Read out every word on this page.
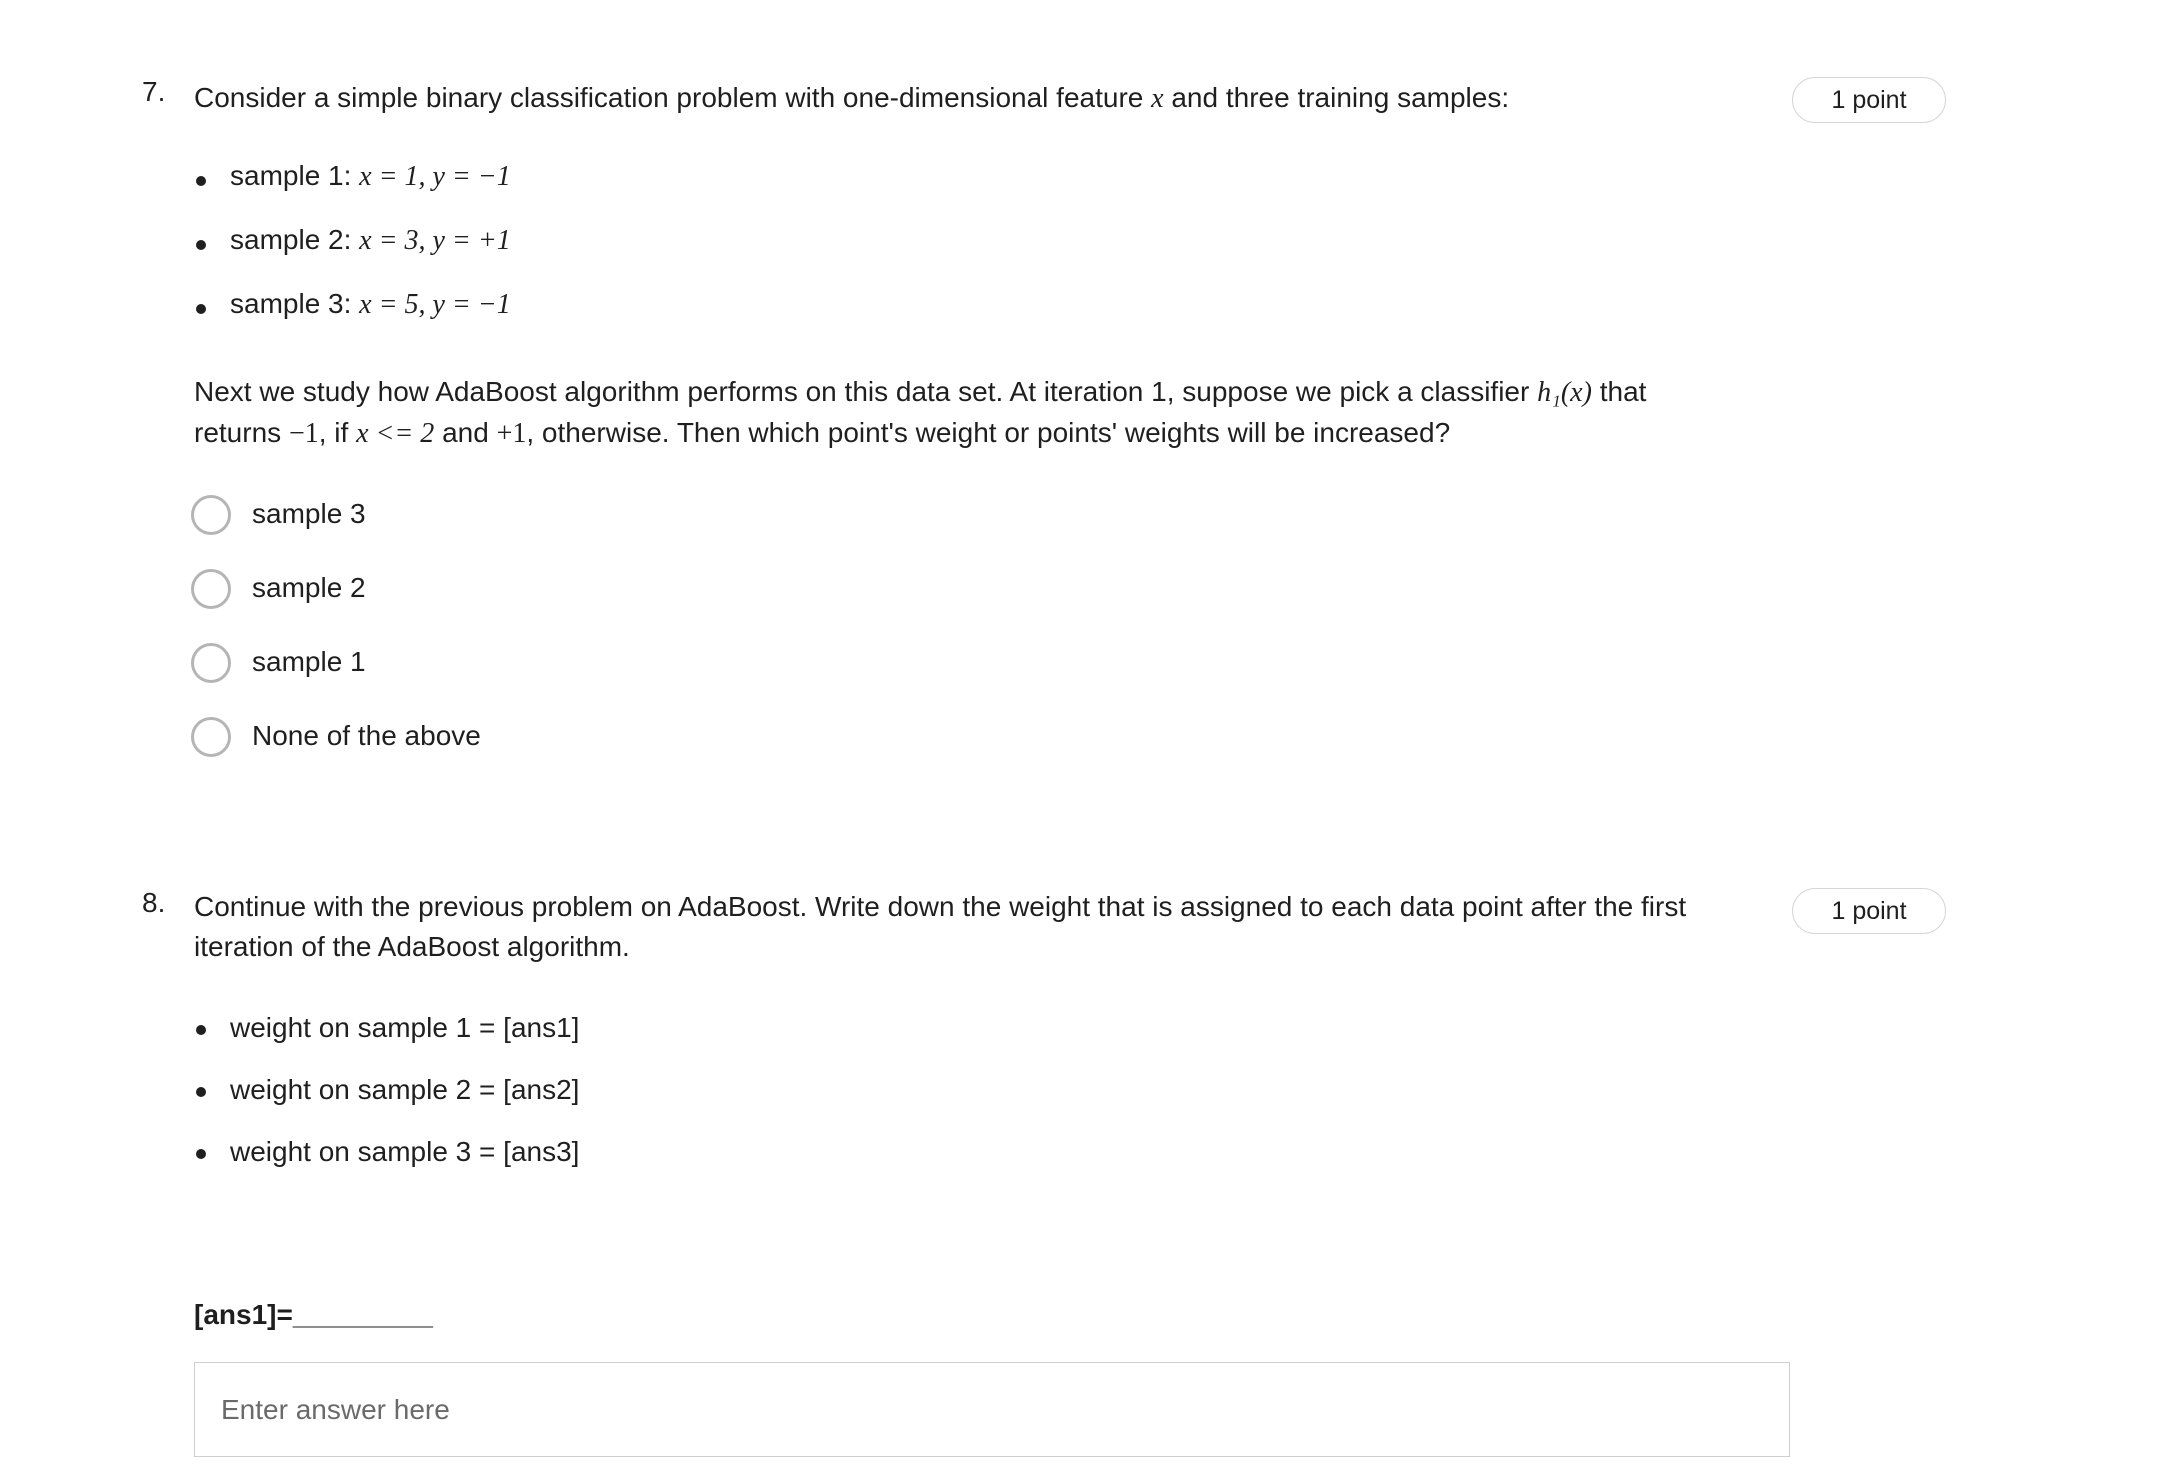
7. Consider a simple binary classification problem with one-dimensional feature x and three training samples:	1 point
sample 1: x = 1, y = −1
sample 2: x = 3, y = +1
sample 3: x = 5, y = −1
Next we study how AdaBoost algorithm performs on this data set. At iteration 1, suppose we pick a classifier h₁(x) that
returns −1, if x <= 2 and +1, otherwise. Then which point's weight or points' weights will be increased?
sample 3
sample 2
sample 1
None of the above
8. Continue with the previous problem on AdaBoost. Write down the weight that is assigned to each data point after the first
iteration of the AdaBoost algorithm.
1 point
weight on sample 1 = [ans1]
weight on sample 2 = [ans2]
weight on sample 3 = [ans3]
[ans1]=_________
Enter answer here
